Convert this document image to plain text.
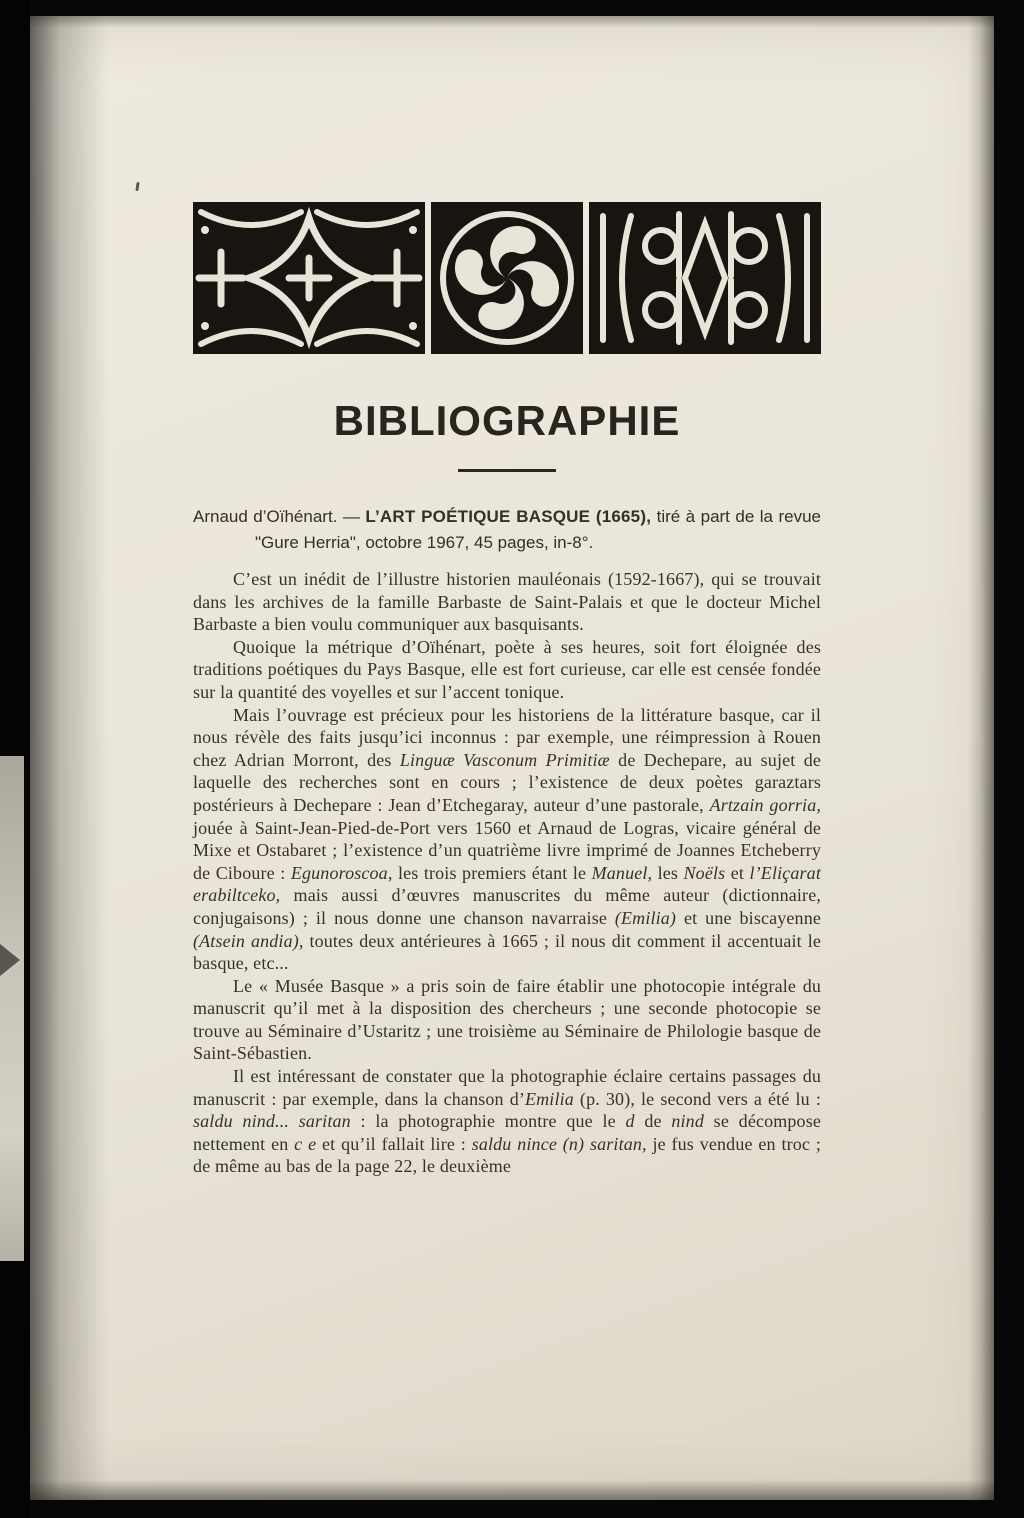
BIBLIOGRAPHIE

Arnaud d’Oïhénart. — L’ART POÉTIQUE BASQUE (1665), tiré à part de la revue "Gure Herria", octobre 1967, 45 pages, in-8°.

C’est un inédit de l’illustre historien mauléonais (1592-1667), qui se trouvait dans les archives de la famille Barbaste de Saint-Palais et que le docteur Michel Barbaste a bien voulu communiquer aux basquisants.

Quoique la métrique d’Oïhénart, poète à ses heures, soit fort éloignée des traditions poétiques du Pays Basque, elle est fort curieuse, car elle est censée fondée sur la quantité des voyelles et sur l’accent tonique.

Mais l’ouvrage est précieux pour les historiens de la littérature basque, car il nous révèle des faits jusqu’ici inconnus : par exemple, une réimpression à Rouen chez Adrian Morront, des Linguæ Vasconum Primitiæ de Dechepare, au sujet de laquelle des recherches sont en cours ; l’existence de deux poètes garaztars postérieurs à Dechepare : Jean d’Etchegaray, auteur d’une pastorale, Artzain gorria, jouée à Saint-Jean-Pied-de-Port vers 1560 et Arnaud de Logras, vicaire général de Mixe et Ostabaret ; l’existence d’un quatrième livre imprimé de Joannes Etcheberry de Ciboure : Egunoroscoa, les trois premiers étant le Manuel, les Noëls et l’Eliçarat erabiltceko, mais aussi d’œuvres manuscrites du même auteur (dictionnaire, conjugaisons) ; il nous donne une chanson navarraise (Emilia) et une biscayenne (Atsein andia), toutes deux antérieures à 1665 ; il nous dit comment il accentuait le basque, etc...

Le « Musée Basque » a pris soin de faire établir une photocopie intégrale du manuscrit qu’il met à la disposition des chercheurs ; une seconde photocopie se trouve au Séminaire d’Ustaritz ; une troisième au Séminaire de Philologie basque de Saint-Sébastien.

Il est intéressant de constater que la photographie éclaire certains passages du manuscrit : par exemple, dans la chanson d’Emilia (p. 30), le second vers a été lu : saldu nind... saritan : la photographie montre que le d de nind se décompose nettement en c e et qu’il fallait lire : saldu nince (n) saritan, je fus vendue en troc ; de même au bas de la page 22, le deuxième
